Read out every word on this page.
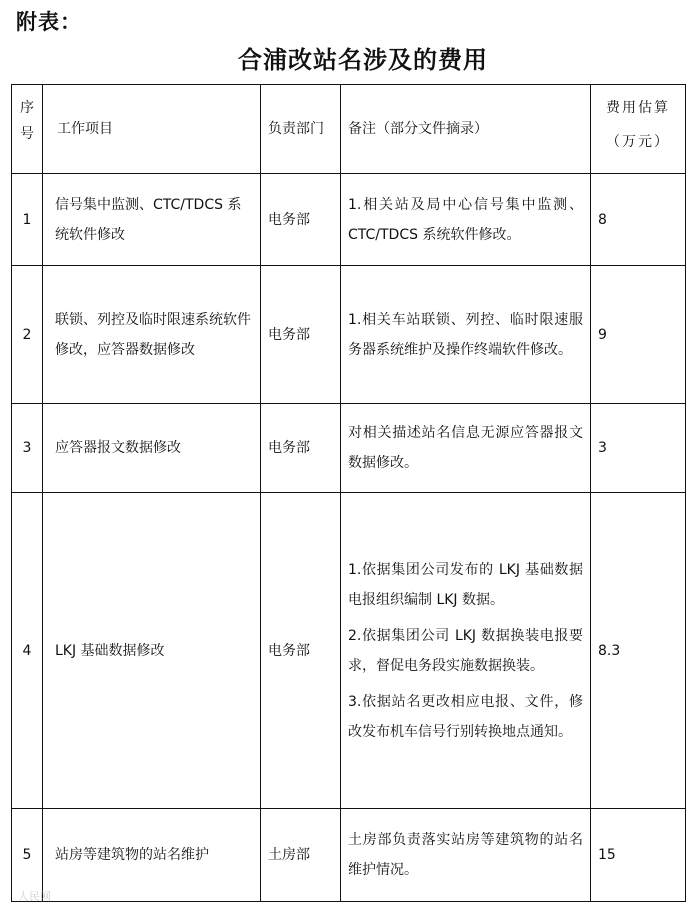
附表：
合浦改站名涉及的费用
序
号	工作项目	负责部门	备注（部分文件摘录）	费用估算
（万元）

1	信号集中监测、CTC/TDCS 系统软件修改	电务部	1.相关站及局中心信号集中监测、CTC/TDCS 系统软件修改。	8
2	联锁、列控及临时限速系统软件修改，应答器数据修改	电务部	1.相关车站联锁、列控、临时限速服务器系统维护及操作终端软件修改。	9
3	应答器报文数据修改	电务部	对相关描述站名信息无源应答器报文数据修改。	3
4	LKJ 基础数据修改	电务部	1.依据集团公司发布的 LKJ 基础数据电报组织编制 LKJ 数据。
2.依据集团公司 LKJ 数据换装电报要求，督促电务段实施数据换装。
3.依据站名更改相应电报、文件，修改发布机车信号行别转换地点通知。	8.3
5	站房等建筑物的站名维护	土房部	土房部负责落实站房等建筑物的站名维护情况。	15
人民网
